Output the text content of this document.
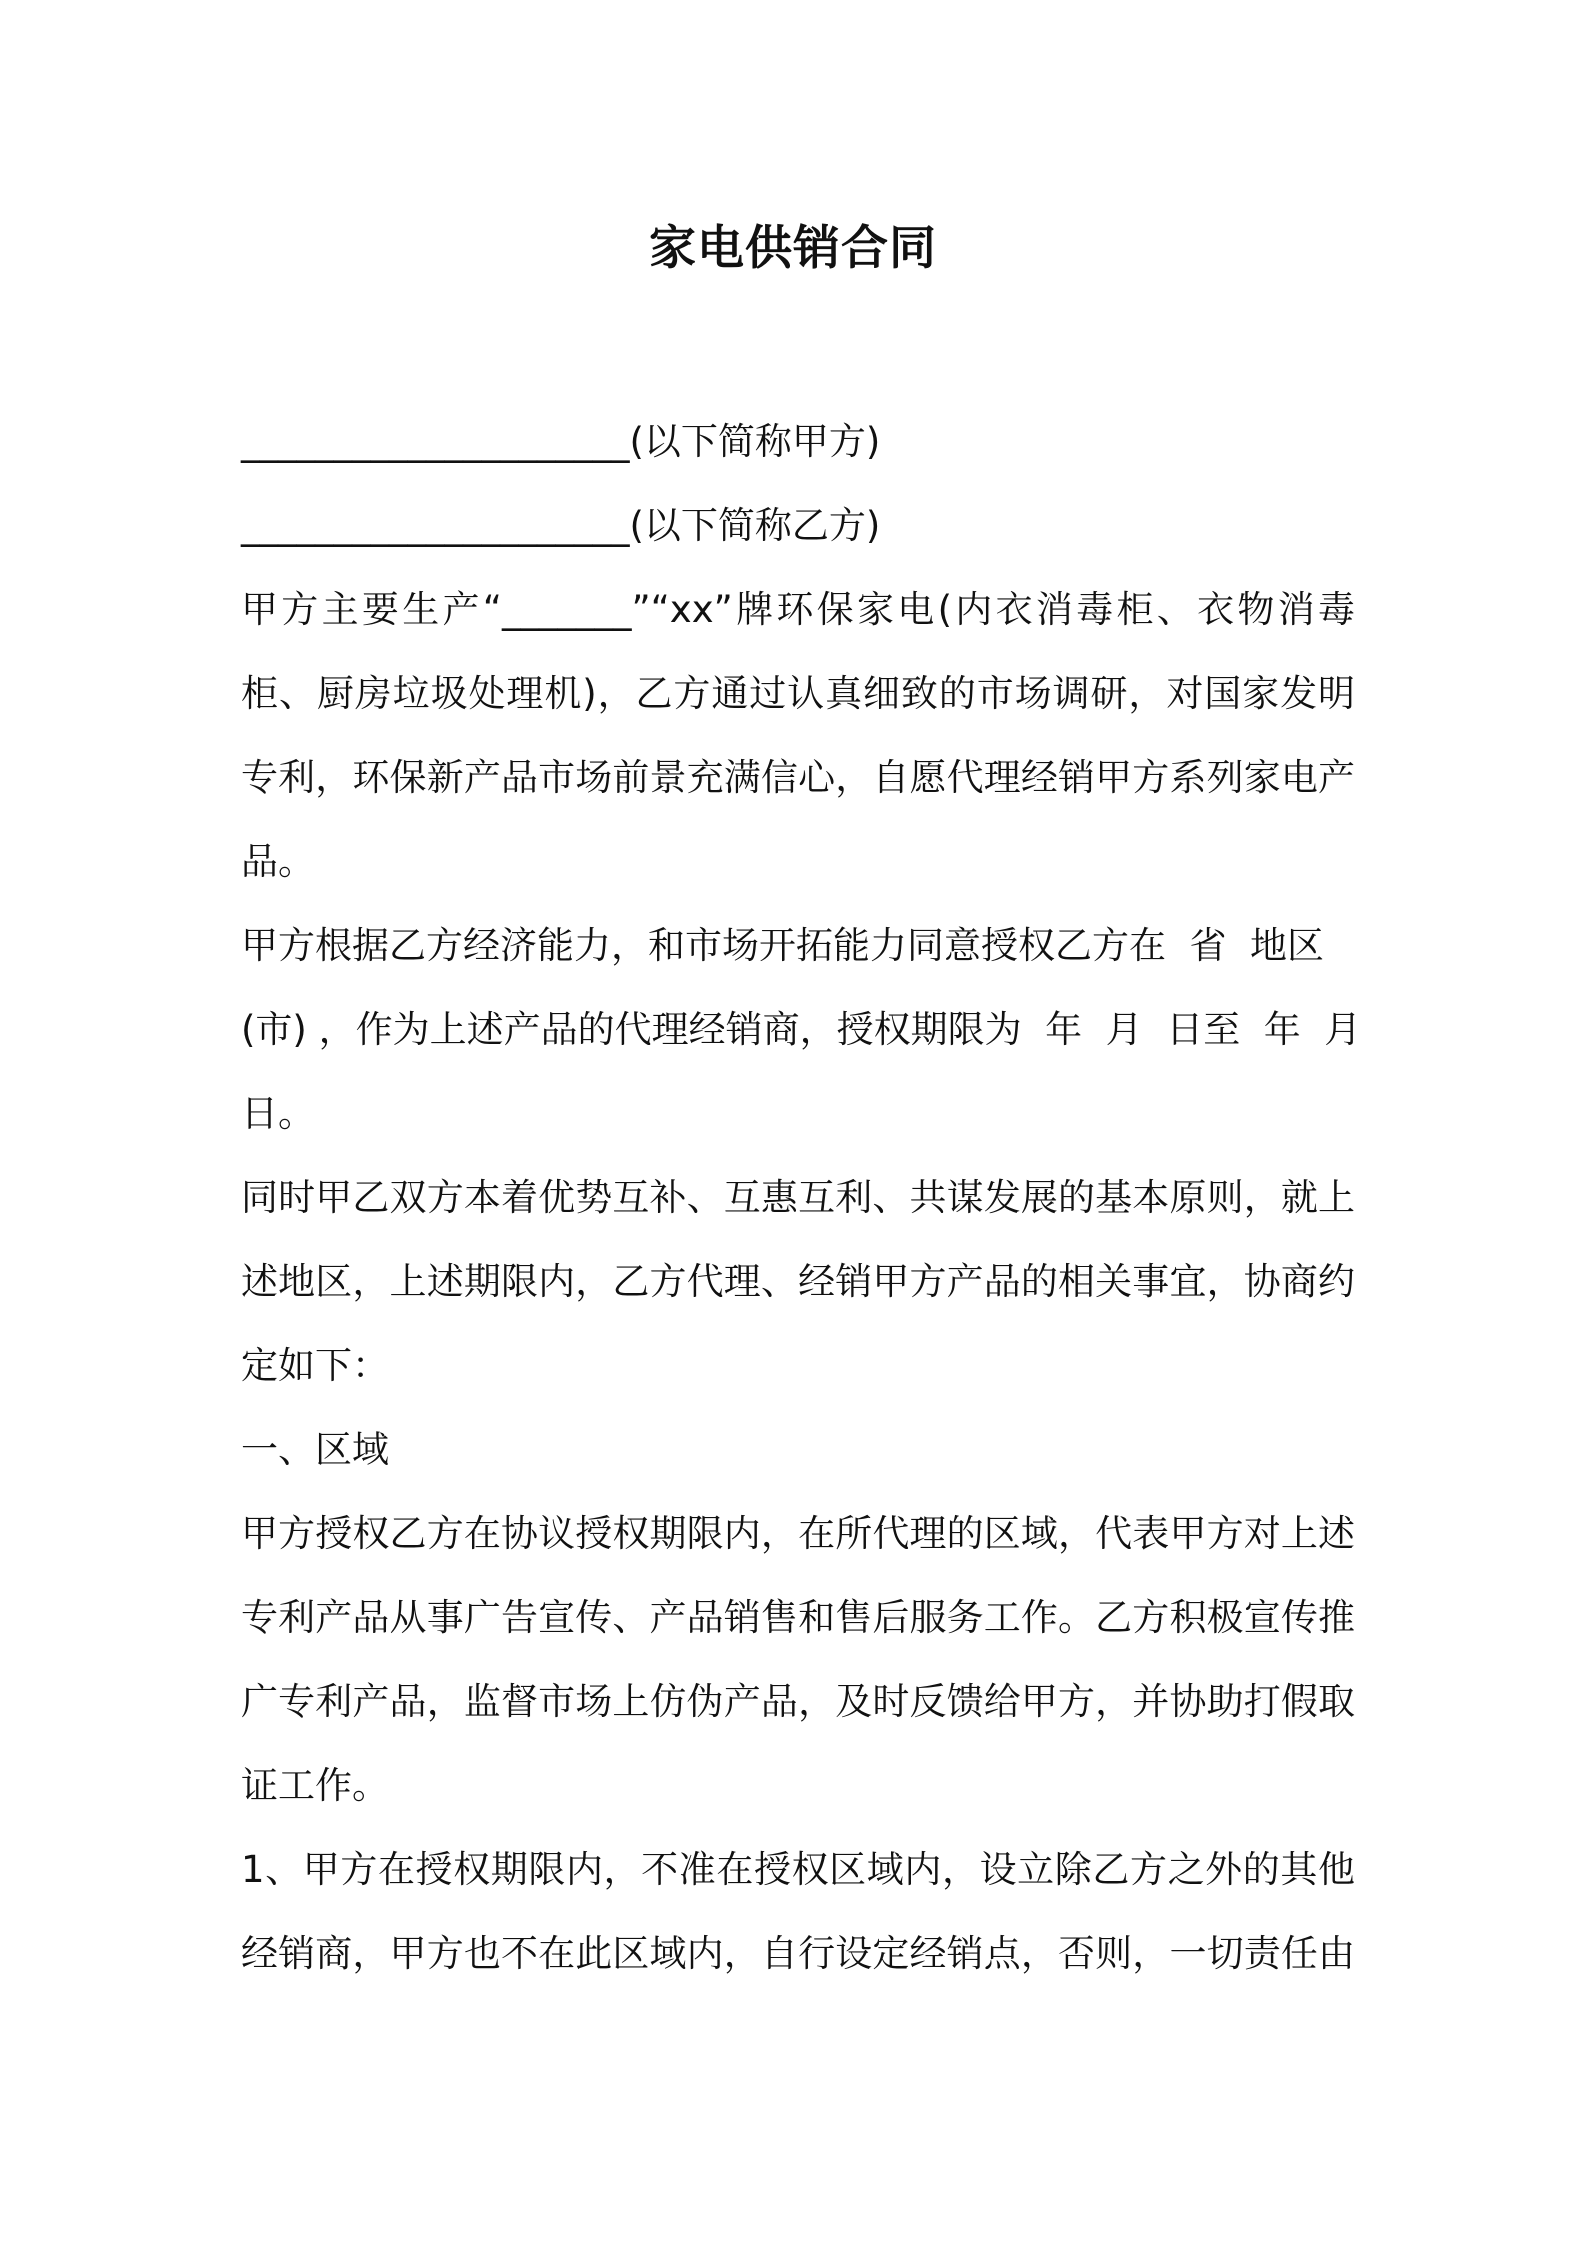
家电供销合同
_____________________(以下简称甲方)
_____________________(以下简称乙方)
甲方主要生产“_______”“xx”牌环保家电(内衣消毒柜、衣物消毒
柜、厨房垃圾处理机)，乙方通过认真细致的市场调研，对国家发明
专利，环保新产品市场前景充满信心，自愿代理经销甲方系列家电产
品。
甲方根据乙方经济能力，和市场开拓能力同意授权乙方在  省  地区
(市) ，作为上述产品的代理经销商，授权期限为  年  月  日至  年  月
日。
同时甲乙双方本着优势互补、互惠互利、共谋发展的基本原则，就上
述地区，上述期限内，乙方代理、经销甲方产品的相关事宜，协商约
定如下：
一、区域
甲方授权乙方在协议授权期限内，在所代理的区域，代表甲方对上述
专利产品从事广告宣传、产品销售和售后服务工作。乙方积极宣传推
广专利产品，监督市场上仿伪产品，及时反馈给甲方，并协助打假取
证工作。
1、甲方在授权期限内，不准在授权区域内，设立除乙方之外的其他
经销商，甲方也不在此区域内，自行设定经销点，否则，一切责任由
